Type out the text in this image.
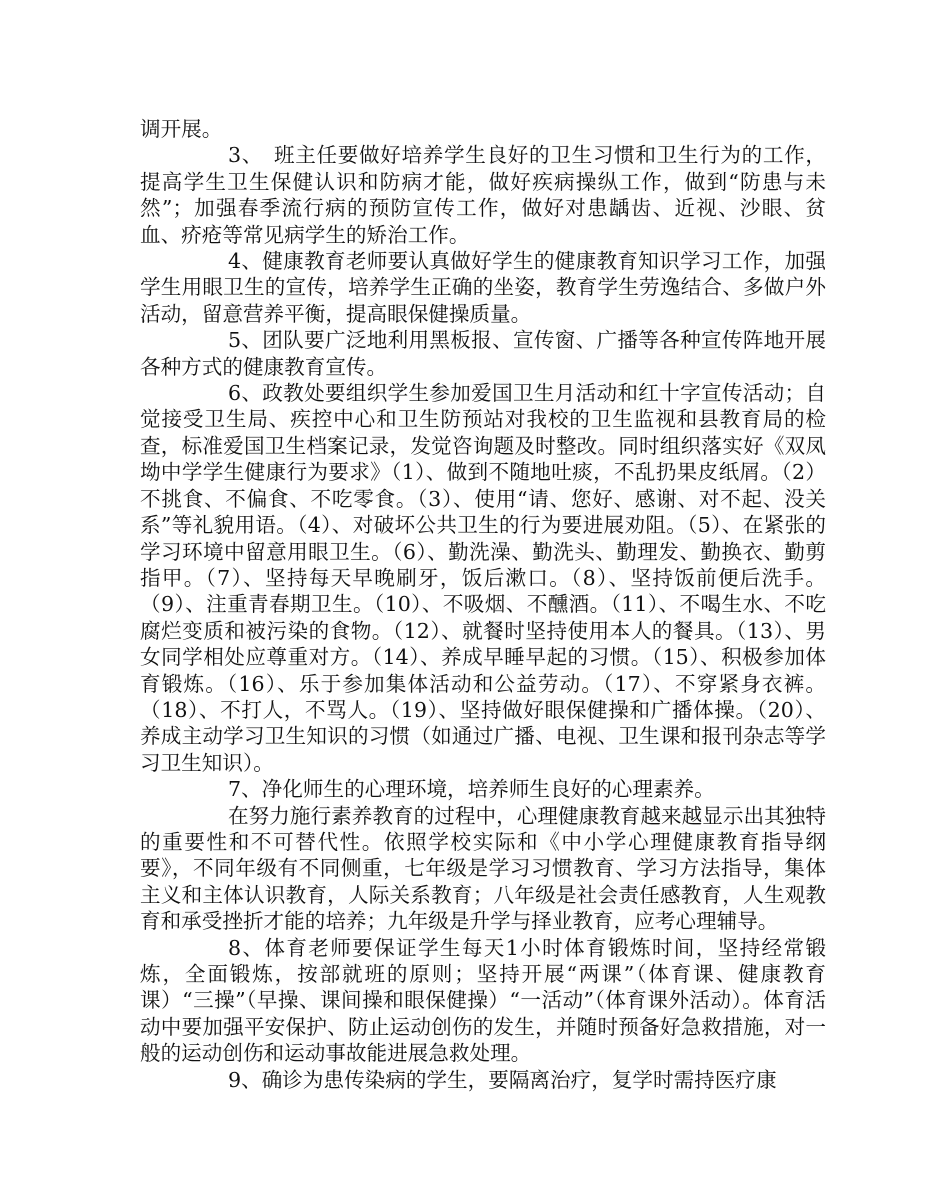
调开展。

3、　班主任要做好培养学生良好的卫生习惯和卫生行为的工作，提高学生卫生保健认识和防病才能，做好疾病操纵工作，做到“防患与未然”；加强春季流行病的预防宣传工作，做好对患龋齿、近视、沙眼、贫血、疥疮等常见病学生的矫治工作。

4、健康教育老师要认真做好学生的健康教育知识学习工作，加强学生用眼卫生的宣传，培养学生正确的坐姿，教育学生劳逸结合、多做户外活动，留意营养平衡，提高眼保健操质量。

5、团队要广泛地利用黑板报、宣传窗、广播等各种宣传阵地开展各种方式的健康教育宣传。

6、政教处要组织学生参加爱国卫生月活动和红十字宣传活动；自觉接受卫生局、疾控中心和卫生防预站对我校的卫生监视和县教育局的检查，标准爱国卫生档案记录，发觉咨询题及时整改。同时组织落实好《双凤坳中学学生健康行为要求》（1）、做到不随地吐痰，不乱扔果皮纸屑。（2）不挑食、不偏食、不吃零食。（3）、使用“请、您好、感谢、对不起、没关系”等礼貌用语。（4）、对破坏公共卫生的行为要进展劝阻。（5）、在紧张的学习环境中留意用眼卫生。（6）、勤洗澡、勤洗头、勤理发、勤换衣、勤剪指甲。（7）、坚持每天早晚刷牙，饭后漱口。（8）、坚持饭前便后洗手。（9）、注重青春期卫生。（10）、不吸烟、不醺酒。（11）、不喝生水、不吃腐烂变质和被污染的食物。（12）、就餐时坚持使用本人的餐具。（13）、男女同学相处应尊重对方。（14）、养成早睡早起的习惯。（15）、积极参加体育锻炼。（16）、乐于参加集体活动和公益劳动。（17）、不穿紧身衣裤。（18）、不打人，不骂人。（19）、坚持做好眼保健操和广播体操。（20）、养成主动学习卫生知识的习惯（如通过广播、电视、卫生课和报刊杂志等学习卫生知识）。

7、净化师生的心理环境，培养师生良好的心理素养。

在努力施行素养教育的过程中，心理健康教育越来越显示出其独特的重要性和不可替代性。依照学校实际和《中小学心理健康教育指导纲要》，不同年级有不同侧重，七年级是学习习惯教育、学习方法指导，集体主义和主体认识教育，人际关系教育；八年级是社会责任感教育，人生观教育和承受挫折才能的培养；九年级是升学与择业教育，应考心理辅导。

8、体育老师要保证学生每天1小时体育锻炼时间，坚持经常锻炼，全面锻炼，按部就班的原则；坚持开展“两课”（体育课、健康教育课）“三操”（早操、课间操和眼保健操）“一活动”（体育课外活动）。体育活动中要加强平安保护、防止运动创伤的发生，并随时预备好急救措施，对一般的运动创伤和运动事故能进展急救处理。

9、确诊为患传染病的学生，要隔离治疗，复学时需持医疗康
